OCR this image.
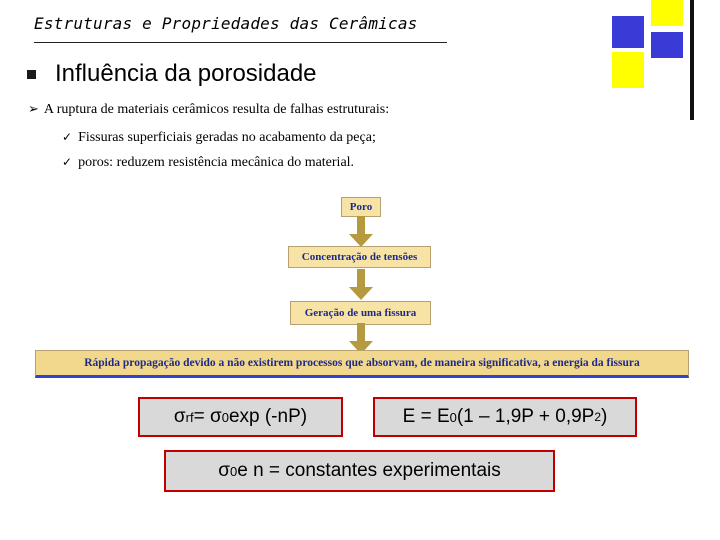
Estruturas e Propriedades das Cerâmicas
Influência da porosidade
➢ A ruptura de materiais cerâmicos resulta de falhas estruturais:
✓ Fissuras superficiais geradas no acabamento da peça;
✓ poros: reduzem resistência mecânica do material.
Poro
Concentração de tensões
Geração de uma fissura
Rápida propagação devido a não existirem processos que absorvam, de maneira significativa, a energia da fissura
σ rf = σ 0 exp (-nP)	E = E 0 (1 – 1,9P + 0,9P 2 )
σ 0 e n = constantes experimentais
